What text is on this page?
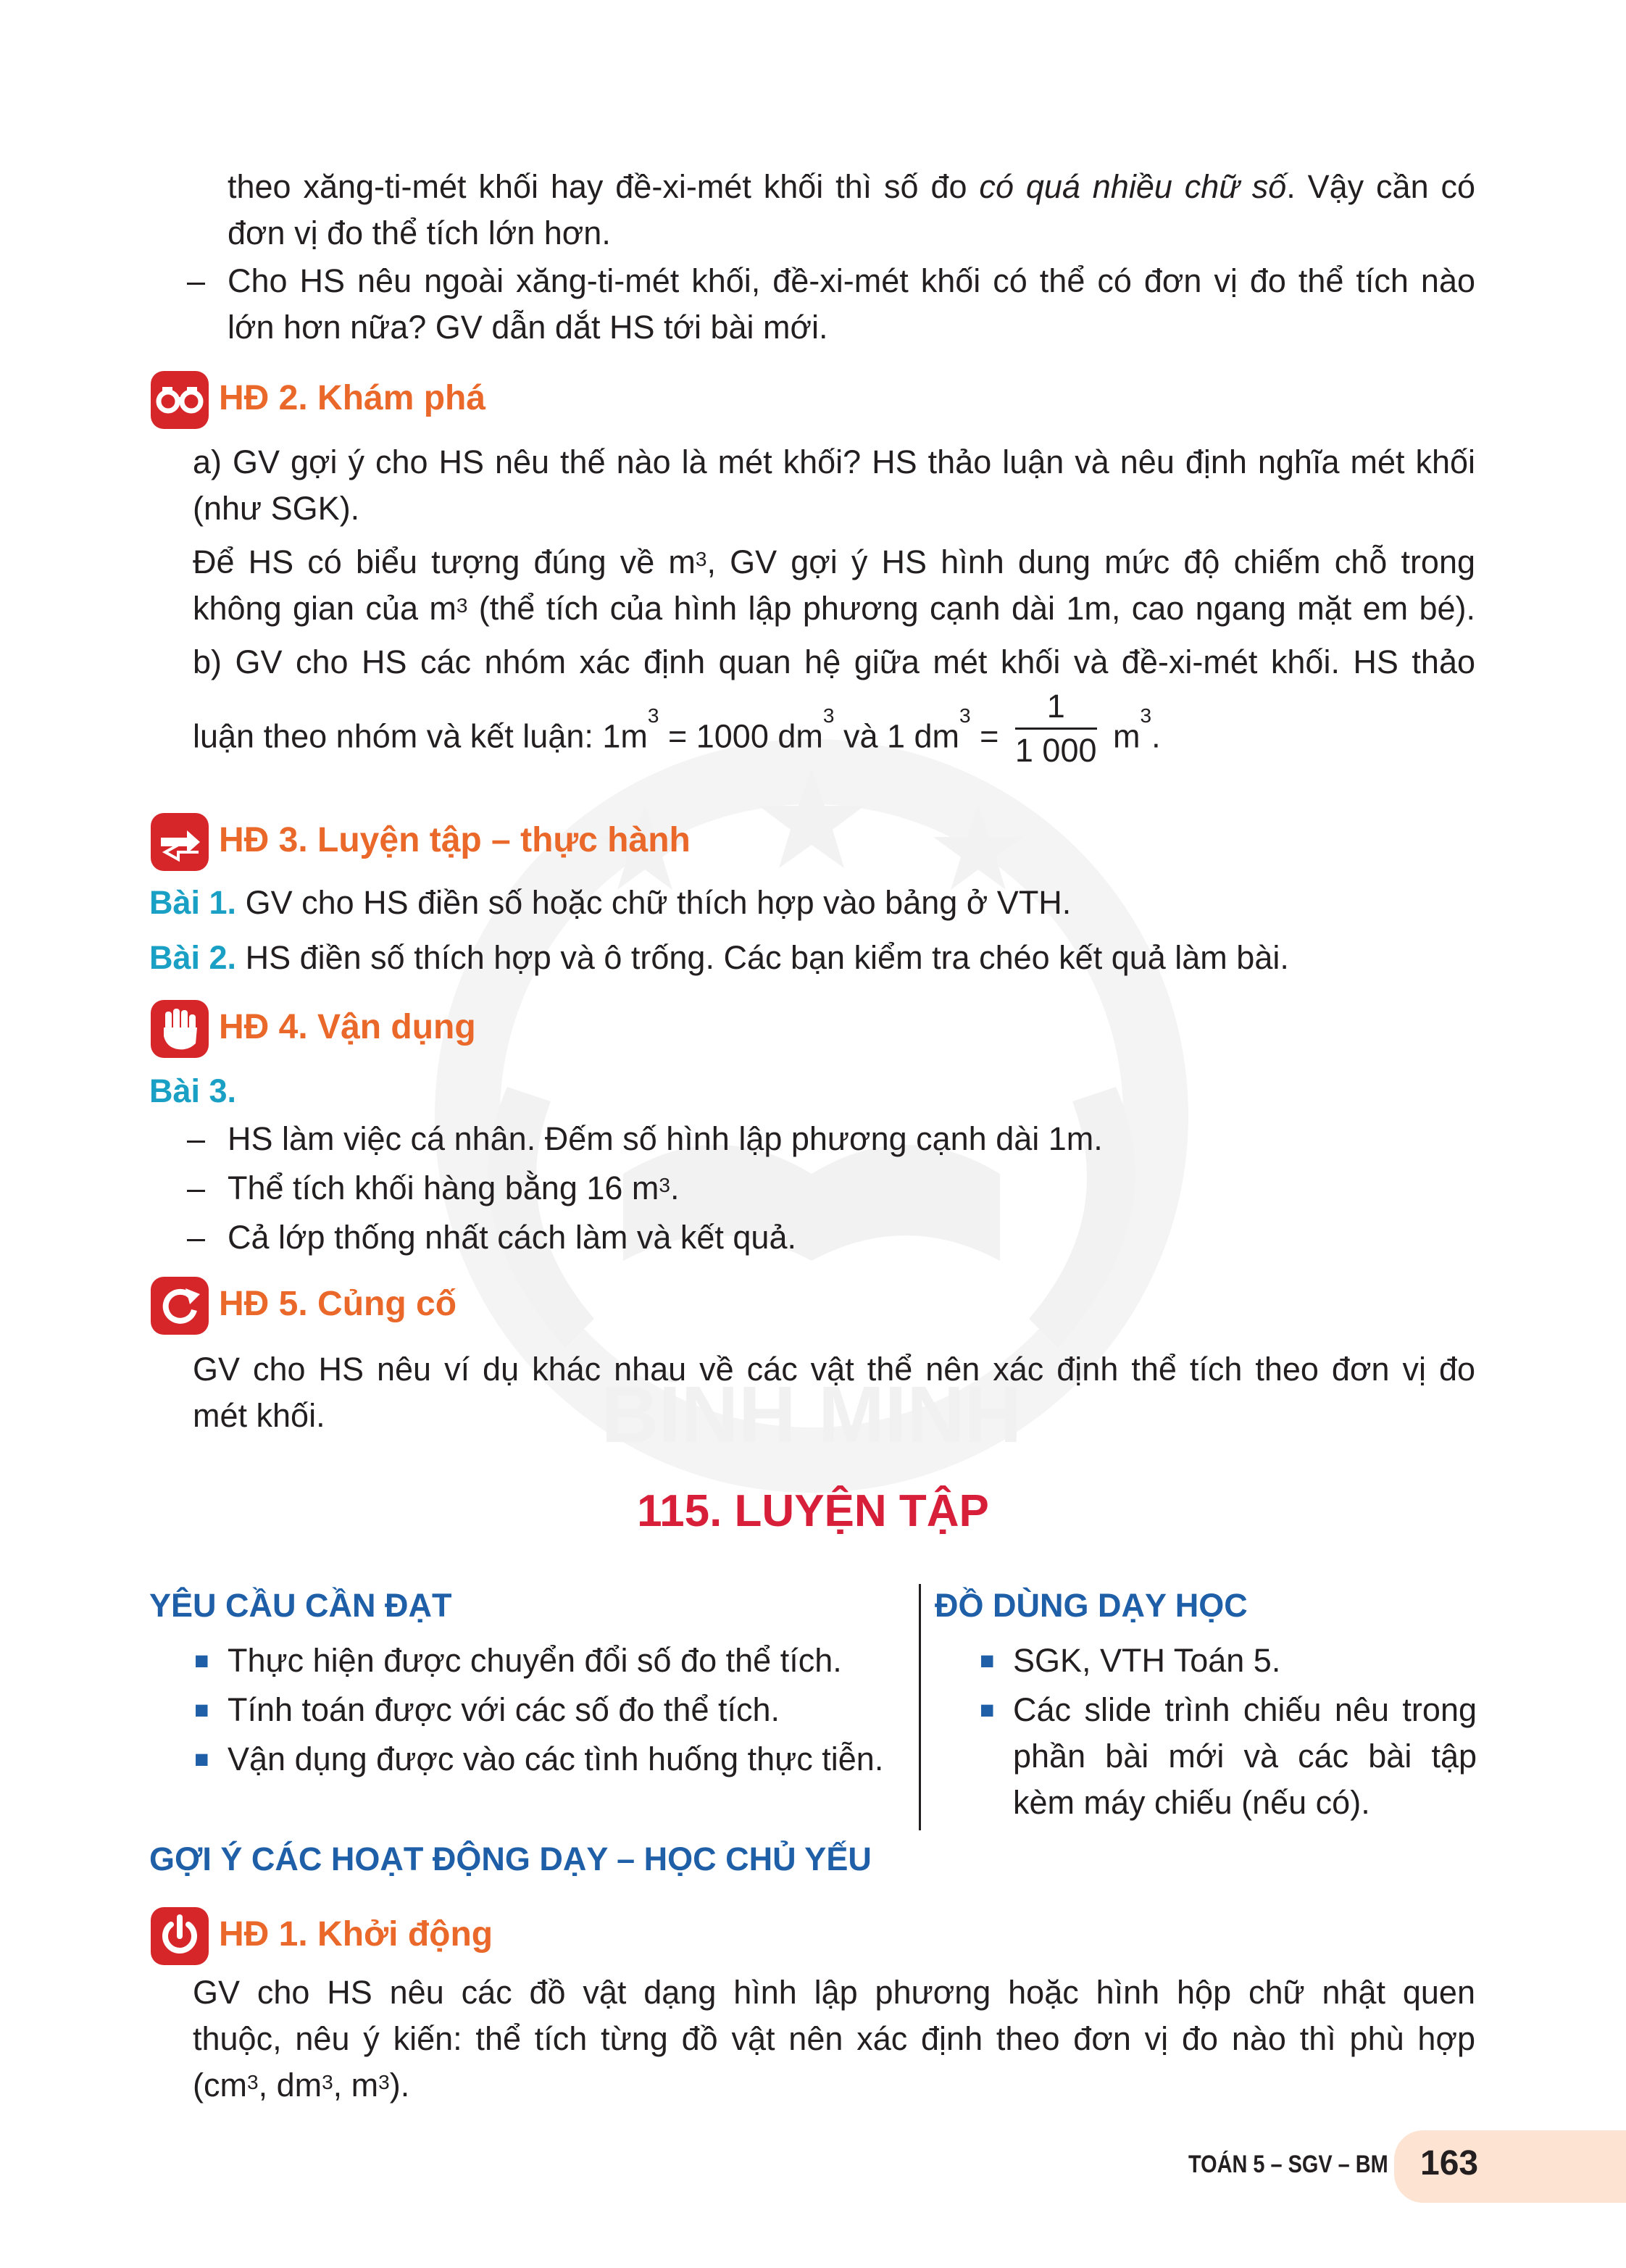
BÌNH MINH
theo xăng-ti-mét khối hay đề-xi-mét khối thì số đo có quá nhiều chữ số. Vậy cần có
đơn vị đo thể tích lớn hơn.
– Cho HS nêu ngoài xăng-ti-mét khối, đề-xi-mét khối có thể có đơn vị đo thể tích nào
lớn hơn nữa? GV dẫn dắt HS tới bài mới.
HĐ 2. Khám phá
a) GV gợi ý cho HS nêu thế nào là mét khối? HS thảo luận và nêu định nghĩa mét khối
(như SGK).
Để HS có biểu tượng đúng về $m^3$, GV gợi ý HS hình dung mức độ chiếm chỗ trong
không gian của $m^3$ (thể tích của hình lập phương cạnh dài 1m, cao ngang mặt em bé).
b) GV cho HS các nhóm xác định quan hệ giữa mét khối và đề-xi-mét khối. HS thảo
luận theo nhóm và kết luận: $1m^3 = 1000$ $dm^3$ và 1 $dm^3 = \frac{1}{1 000} m^3$.
HĐ 3. Luyện tập – thực hành
Bài 1. GV cho HS điền số hoặc chữ thích hợp vào bảng ở VTH.
Bài 2. HS điền số thích hợp và ô trống. Các bạn kiểm tra chéo kết quả làm bài.
HĐ 4. Vận dụng
Bài 3.
– HS làm việc cá nhân. Đếm số hình lập phương cạnh dài 1m.
– Thể tích khối hàng bằng 16 $m^3$.
– Cả lớp thống nhất cách làm và kết quả.
HĐ 5. Củng cố
GV cho HS nêu ví dụ khác nhau về các vật thể nên xác định thể tích theo đơn vị đo
mét khối.
115. LUYỆN TẬP
YÊU CẦU CẦN ĐẠT
■ Thực hiện được chuyển đổi số đo thể tích.
■ Tính toán được với các số đo thể tích.
■ Vận dụng được vào các tình huống thực tiễn.
ĐỒ DÙNG DẠY HỌC
■ SGK, VTH Toán 5.
■ Các slide trình chiếu nêu trong
phần bài mới và các bài tập
kèm máy chiếu (nếu có).
GỢI Ý CÁC HOẠT ĐỘNG DẠY – HỌC CHỦ YẾU
HĐ 1. Khởi động
GV cho HS nêu các đồ vật dạng hình lập phương hoặc hình hộp chữ nhật quen
thuộc, nêu ý kiến: thể tích từng đồ vật nên xác định theo đơn vị đo nào thì phù hợp
($cm^3$, $dm^3$, $m^3$).
TOÁN 5 – SGV – BM 163
